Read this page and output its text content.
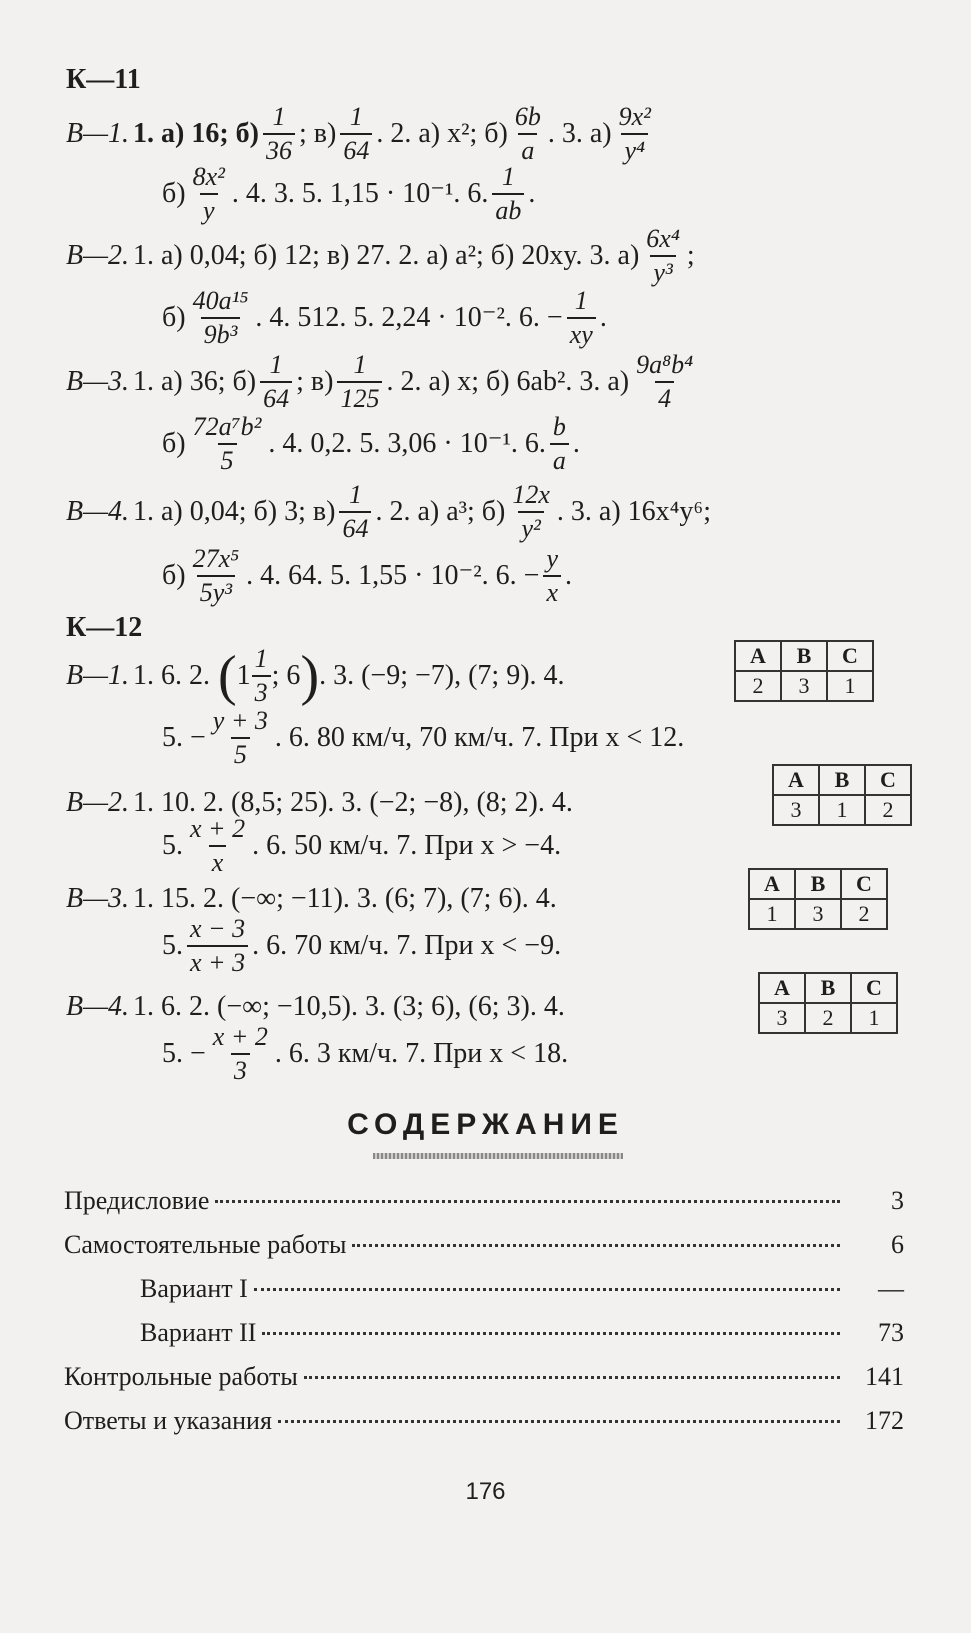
К—11
В—1. 1. а) 16; $б) \frac{1}{36}$ ; $в) \frac{1}{64}$ . 2. а) x²; $б) \frac{6b}{a}$ . 3. $а) \frac{\text{9x²}}{\text{y⁴}}$
$б) \frac{\text{8x²}}{y}$ . 4. 3. 5. 1,15 · 10⁻¹. 6. $\frac{1}{ab}$ .
В—2. 1. а) 0,04; б) 12; в) 27. 2. а) a²; б) 20xy. 3. $а) \frac{\text{6x⁴}}{\text{y³}}$ ;
$б) \frac{\text{40a¹⁵}}{\text{9b³}}$ . 4. 512. 5. 2,24 · 10⁻². 6. − $\frac{1}{xy}$ .
В—3. 1. а) 36; $б) \frac{1}{64}$ ; $в) \frac{1}{125}$ . 2. а) x; б) 6ab². 3. $а) \frac{\text{9a⁸b⁴}}{4}$
$б) \frac{\text{72a⁷b²}}{5}$ . 4. 0,2. 5. 3,06 · 10⁻¹. 6. $\frac{b}{a}$ .
В—4. 1. а) 0,04; б) 3; $в) \frac{1}{64}$ . 2. а) a³; $б) \frac{12x}{\text{y²}}$ . 3. а) 16x⁴y⁶;
$б) \frac{\text{27x⁵}}{\text{5y³}}$ . 4. 64. 5. 1,55 · 10⁻². 6. − $\frac{y}{x}$ .
К—12
В—1. 1. 6. 2. ( $1 \frac{1}{3}$ ; 6 ) . 3. (−9; −7), (7; 9). 4.
A	B	C
2	3	1
5. − $\frac{y + 3}{5}$ . 6. 80 км/ч, 70 км/ч. 7. При x < 12.
В—2. 1. 10. 2. (8,5; 25). 3. (−2; −8), (8; 2). 4.
A	B	C
3	1	2
5. $\frac{x + 2}{x}$ . 6. 50 км/ч. 7. При x > −4.
В—3. 1. 15. 2. (−∞; −11). 3. (6; 7), (7; 6). 4.	A	B	C
1	3	2
5. $\frac{x - 3}{x + 3}$ . 6. 70 км/ч. 7. При x < −9.
В—4. 1. 6. 2. (−∞; −10,5). 3. (3; 6), (6; 3). 4.
A	B	C
3	2	1
5. − $\frac{x + 2}{3}$ . 6. 3 км/ч. 7. При x < 18.
СОДЕРЖАНИЕ
Предисловие	3
Самостоятельные работы	6
Вариант I	—
Вариант II	73
Контрольные работы	141
Ответы и указания	172
176
